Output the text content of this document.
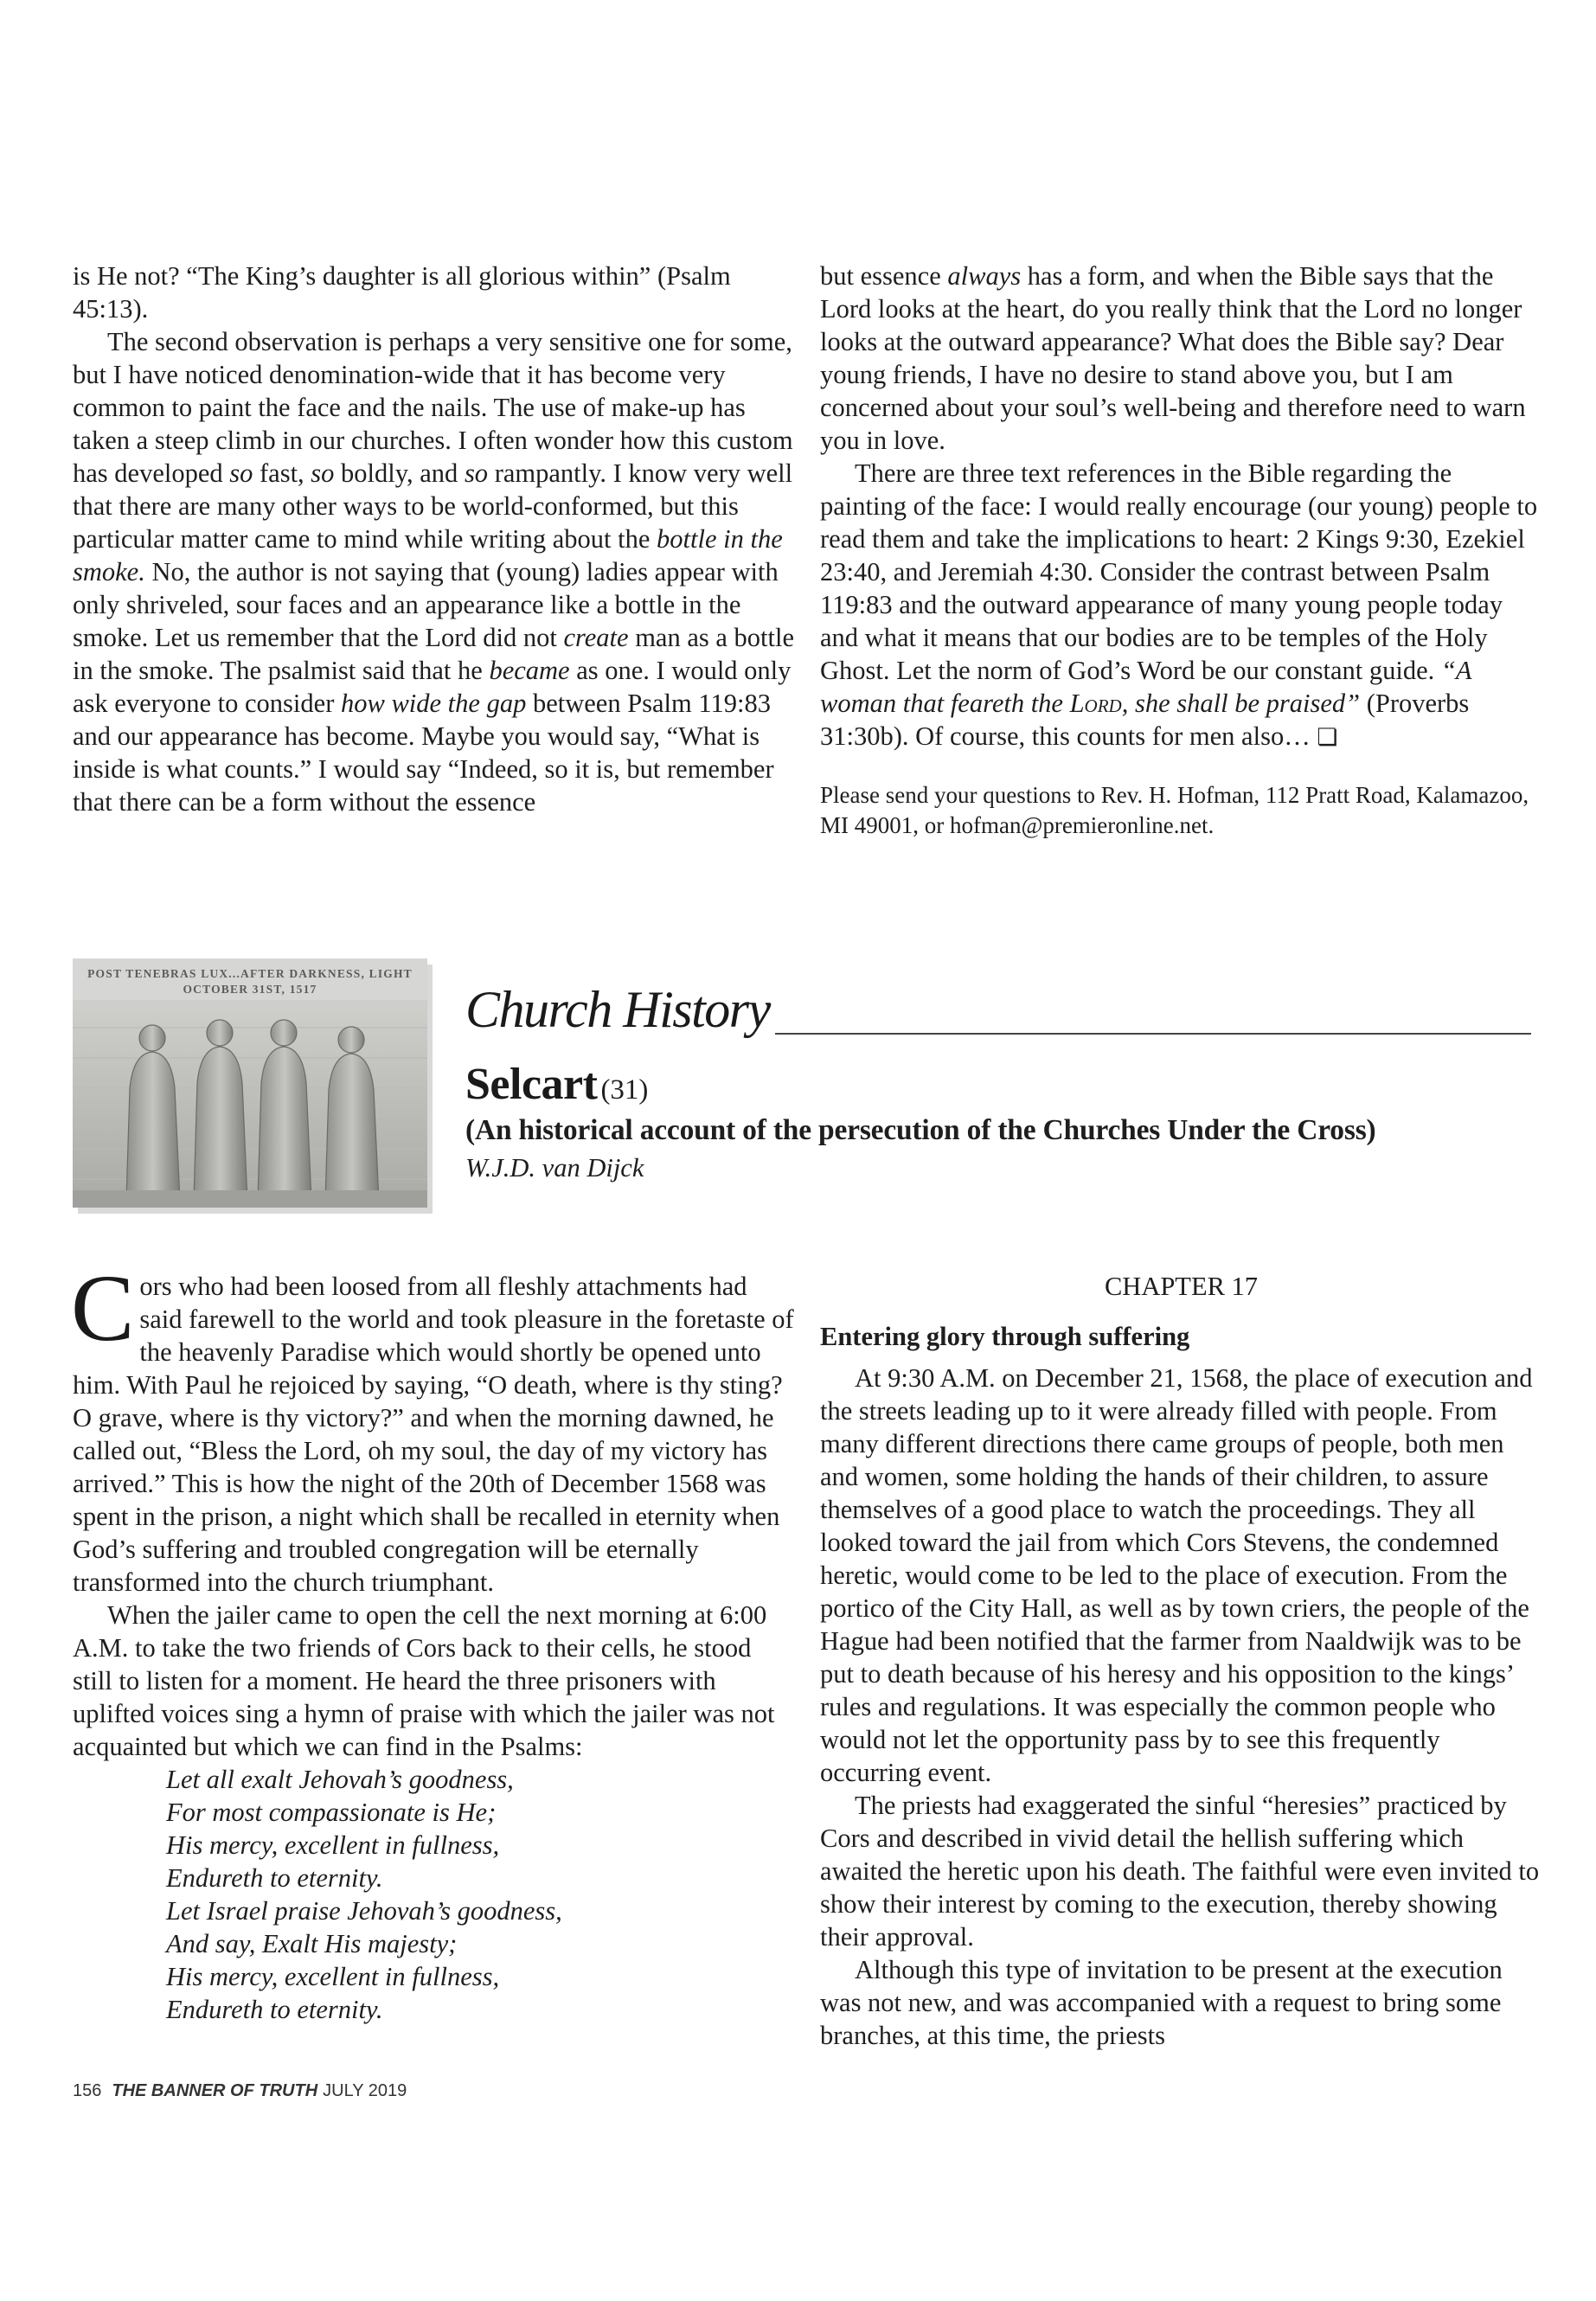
is He not? “The King’s daughter is all glorious within” (Psalm 45:13).

The second observation is perhaps a very sensitive one for some, but I have noticed denomination-wide that it has become very common to paint the face and the nails. The use of make-up has taken a steep climb in our churches. I often wonder how this custom has developed so fast, so boldly, and so rampantly. I know very well that there are many other ways to be world-conformed, but this particular matter came to mind while writing about the bottle in the smoke. No, the author is not saying that (young) ladies appear with only shriveled, sour faces and an appearance like a bottle in the smoke. Let us remember that the Lord did not create man as a bottle in the smoke. The psalmist said that he became as one. I would only ask everyone to consider how wide the gap between Psalm 119:83 and our appearance has become. Maybe you would say, “What is inside is what counts.” I would say “Indeed, so it is, but remember that there can be a form without the essence

but essence always has a form, and when the Bible says that the Lord looks at the heart, do you really think that the Lord no longer looks at the outward appearance? What does the Bible say? Dear young friends, I have no desire to stand above you, but I am concerned about your soul’s well-being and therefore need to warn you in love.

There are three text references in the Bible regarding the painting of the face: I would really encourage (our young) people to read them and take the implications to heart: 2 Kings 9:30, Ezekiel 23:40, and Jeremiah 4:30. Consider the contrast between Psalm 119:83 and the outward appearance of many young people today and what it means that our bodies are to be temples of the Holy Ghost. Let the norm of God’s Word be our constant guide. “A woman that feareth the Lord, she shall be praised” (Proverbs 31:30b). Of course, this counts for men also… ❏

Please send your questions to Rev. H. Hofman, 112 Pratt Road, Kalamazoo, MI 49001, or hofman@premieronline.net.

POST TENEBRAS LUX...AFTER DARKNESS, LIGHT
OCTOBER 31ST, 1517	Church History
Selcart (31)
(An historical account of the persecution of the Churches Under the Cross)
W.J.D. van Dijck

Cors who had been loosed from all fleshly attachments had said farewell to the world and took pleasure in the foretaste of the heavenly Paradise which would shortly be opened unto him. With Paul he rejoiced by saying, “O death, where is thy sting? O grave, where is thy victory?” and when the morning dawned, he called out, “Bless the Lord, oh my soul, the day of my victory has arrived.” This is how the night of the 20th of December 1568 was spent in the prison, a night which shall be recalled in eternity when God’s suffering and troubled congregation will be eternally transformed into the church triumphant.

When the jailer came to open the cell the next morning at 6:00 A.M. to take the two friends of Cors back to their cells, he stood still to listen for a moment. He heard the three prisoners with uplifted voices sing a hymn of praise with which the jailer was not acquainted but which we can find in the Psalms:

Let all exalt Jehovah’s goodness,
For most compassionate is He;
His mercy, excellent in fullness,
Endureth to eternity.
Let Israel praise Jehovah’s goodness,
And say, Exalt His majesty;
His mercy, excellent in fullness,
Endureth to eternity.
CHAPTER 17
Entering glory through suffering

At 9:30 A.M. on December 21, 1568, the place of execution and the streets leading up to it were already filled with people. From many different directions there came groups of people, both men and women, some holding the hands of their children, to assure themselves of a good place to watch the proceedings. They all looked toward the jail from which Cors Stevens, the condemned heretic, would come to be led to the place of execution. From the portico of the City Hall, as well as by town criers, the people of the Hague had been notified that the farmer from Naaldwijk was to be put to death because of his heresy and his opposition to the kings’ rules and regulations. It was especially the common people who would not let the opportunity pass by to see this frequently occurring event.

The priests had exaggerated the sinful “heresies” practiced by Cors and described in vivid detail the hellish suffering which awaited the heretic upon his death. The faithful were even invited to show their interest by coming to the execution, thereby showing their approval.

Although this type of invitation to be present at the execution was not new, and was accompanied with a request to bring some branches, at this time, the priests

156 THE BANNER OF TRUTH JULY 2019
